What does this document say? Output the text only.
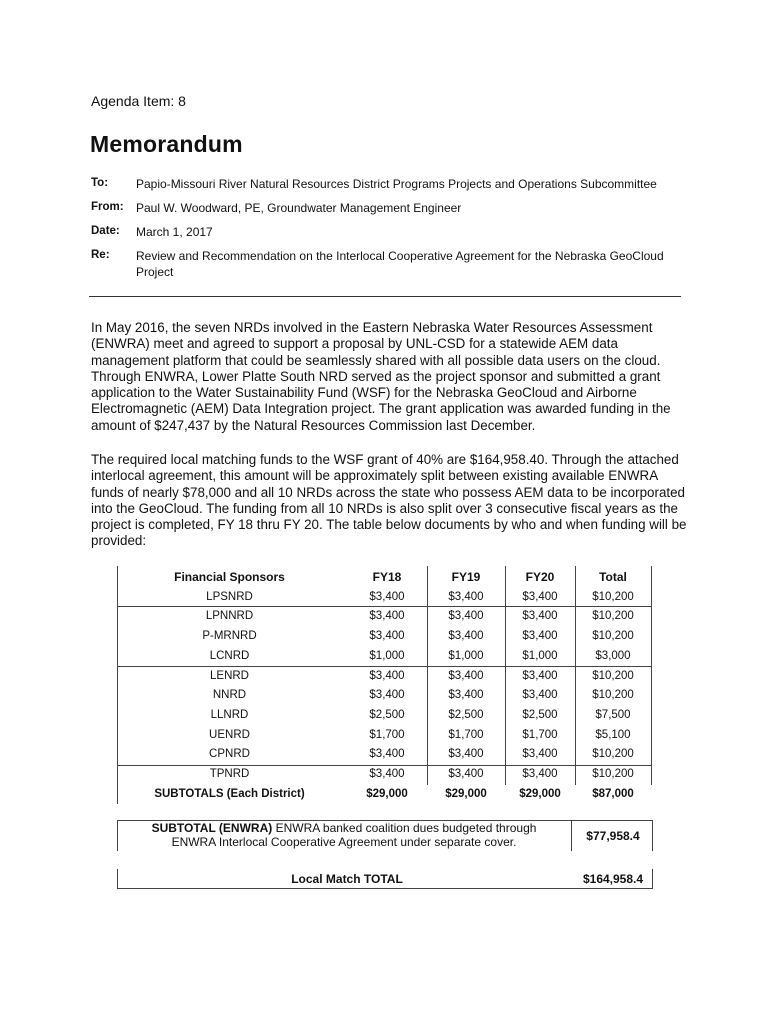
Agenda Item: 8
Memorandum
To: Papio-Missouri River Natural Resources District Programs Projects and Operations Subcommittee
From: Paul W. Woodward, PE, Groundwater Management Engineer
Date: March 1, 2017
Re: Review and Recommendation on the Interlocal Cooperative Agreement for the Nebraska GeoCloud Project
In May 2016, the seven NRDs involved in the Eastern Nebraska Water Resources Assessment (ENWRA) meet and agreed to support a proposal by UNL-CSD for a statewide AEM data management platform that could be seamlessly shared with all possible data users on the cloud. Through ENWRA, Lower Platte South NRD served as the project sponsor and submitted a grant application to the Water Sustainability Fund (WSF) for the Nebraska GeoCloud and Airborne Electromagnetic (AEM) Data Integration project. The grant application was awarded funding in the amount of $247,437 by the Natural Resources Commission last December.
The required local matching funds to the WSF grant of 40% are $164,958.40. Through the attached interlocal agreement, this amount will be approximately split between existing available ENWRA funds of nearly $78,000 and all 10 NRDs across the state who possess AEM data to be incorporated into the GeoCloud. The funding from all 10 NRDs is also split over 3 consecutive fiscal years as the project is completed, FY 18 thru FY 20. The table below documents by who and when funding will be provided:
Financial Sponsors	FY18	FY19	FY20	Total
LPSNRD	$3,400	$3,400	$3,400	$10,200
LPNNRD	$3,400	$3,400	$3,400	$10,200
P-MRNRD	$3,400	$3,400	$3,400	$10,200
LCNRD	$1,000	$1,000	$1,000	$3,000
LENRD	$3,400	$3,400	$3,400	$10,200
NNRD	$3,400	$3,400	$3,400	$10,200
LLNRD	$2,500	$2,500	$2,500	$7,500
UENRD	$1,700	$1,700	$1,700	$5,100
CPNRD	$3,400	$3,400	$3,400	$10,200
TPNRD	$3,400	$3,400	$3,400	$10,200
SUBTOTALS (Each District)	$29,000	$29,000	$29,000	$87,000
SUBTOTAL (ENWRA) ENWRA banked coalition dues budgeted through
ENWRA Interlocal Cooperative Agreement under separate cover.	$77,958.4
Local Match TOTAL	$164,958.4
